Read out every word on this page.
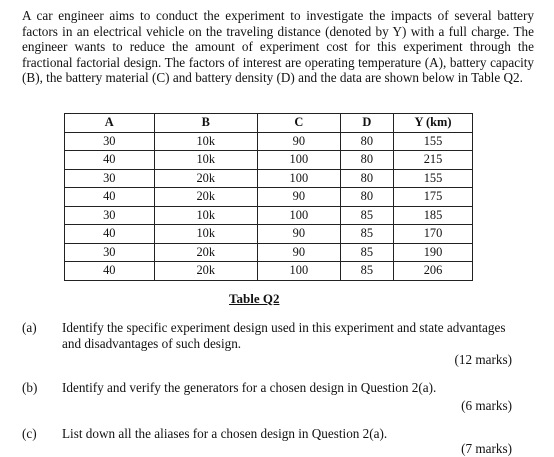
A car engineer aims to conduct the experiment to investigate the impacts of several battery factors in an electrical vehicle on the traveling distance (denoted by Y) with a full charge. The engineer wants to reduce the amount of experiment cost for this experiment through the fractional factorial design. The factors of interest are operating temperature (A), battery capacity (B), the battery material (C) and battery density (D) and the data are shown below in Table Q2.

A	B	C	D	Y (km)
30	10k	90	80	155
40	10k	100	80	215
30	20k	100	80	155
40	20k	90	80	175
30	10k	100	85	185
40	10k	90	85	170
30	20k	90	85	190
40	20k	100	85	206
Table Q2
(a) Identify the specific experiment design used in this experiment and state advantages and disadvantages of such design.

(12 marks)
(b) Identify and verify the generators for a chosen design in Question 2(a).

(6 marks)
(c) List down all the aliases for a chosen design in Question 2(a).

(7 marks)
